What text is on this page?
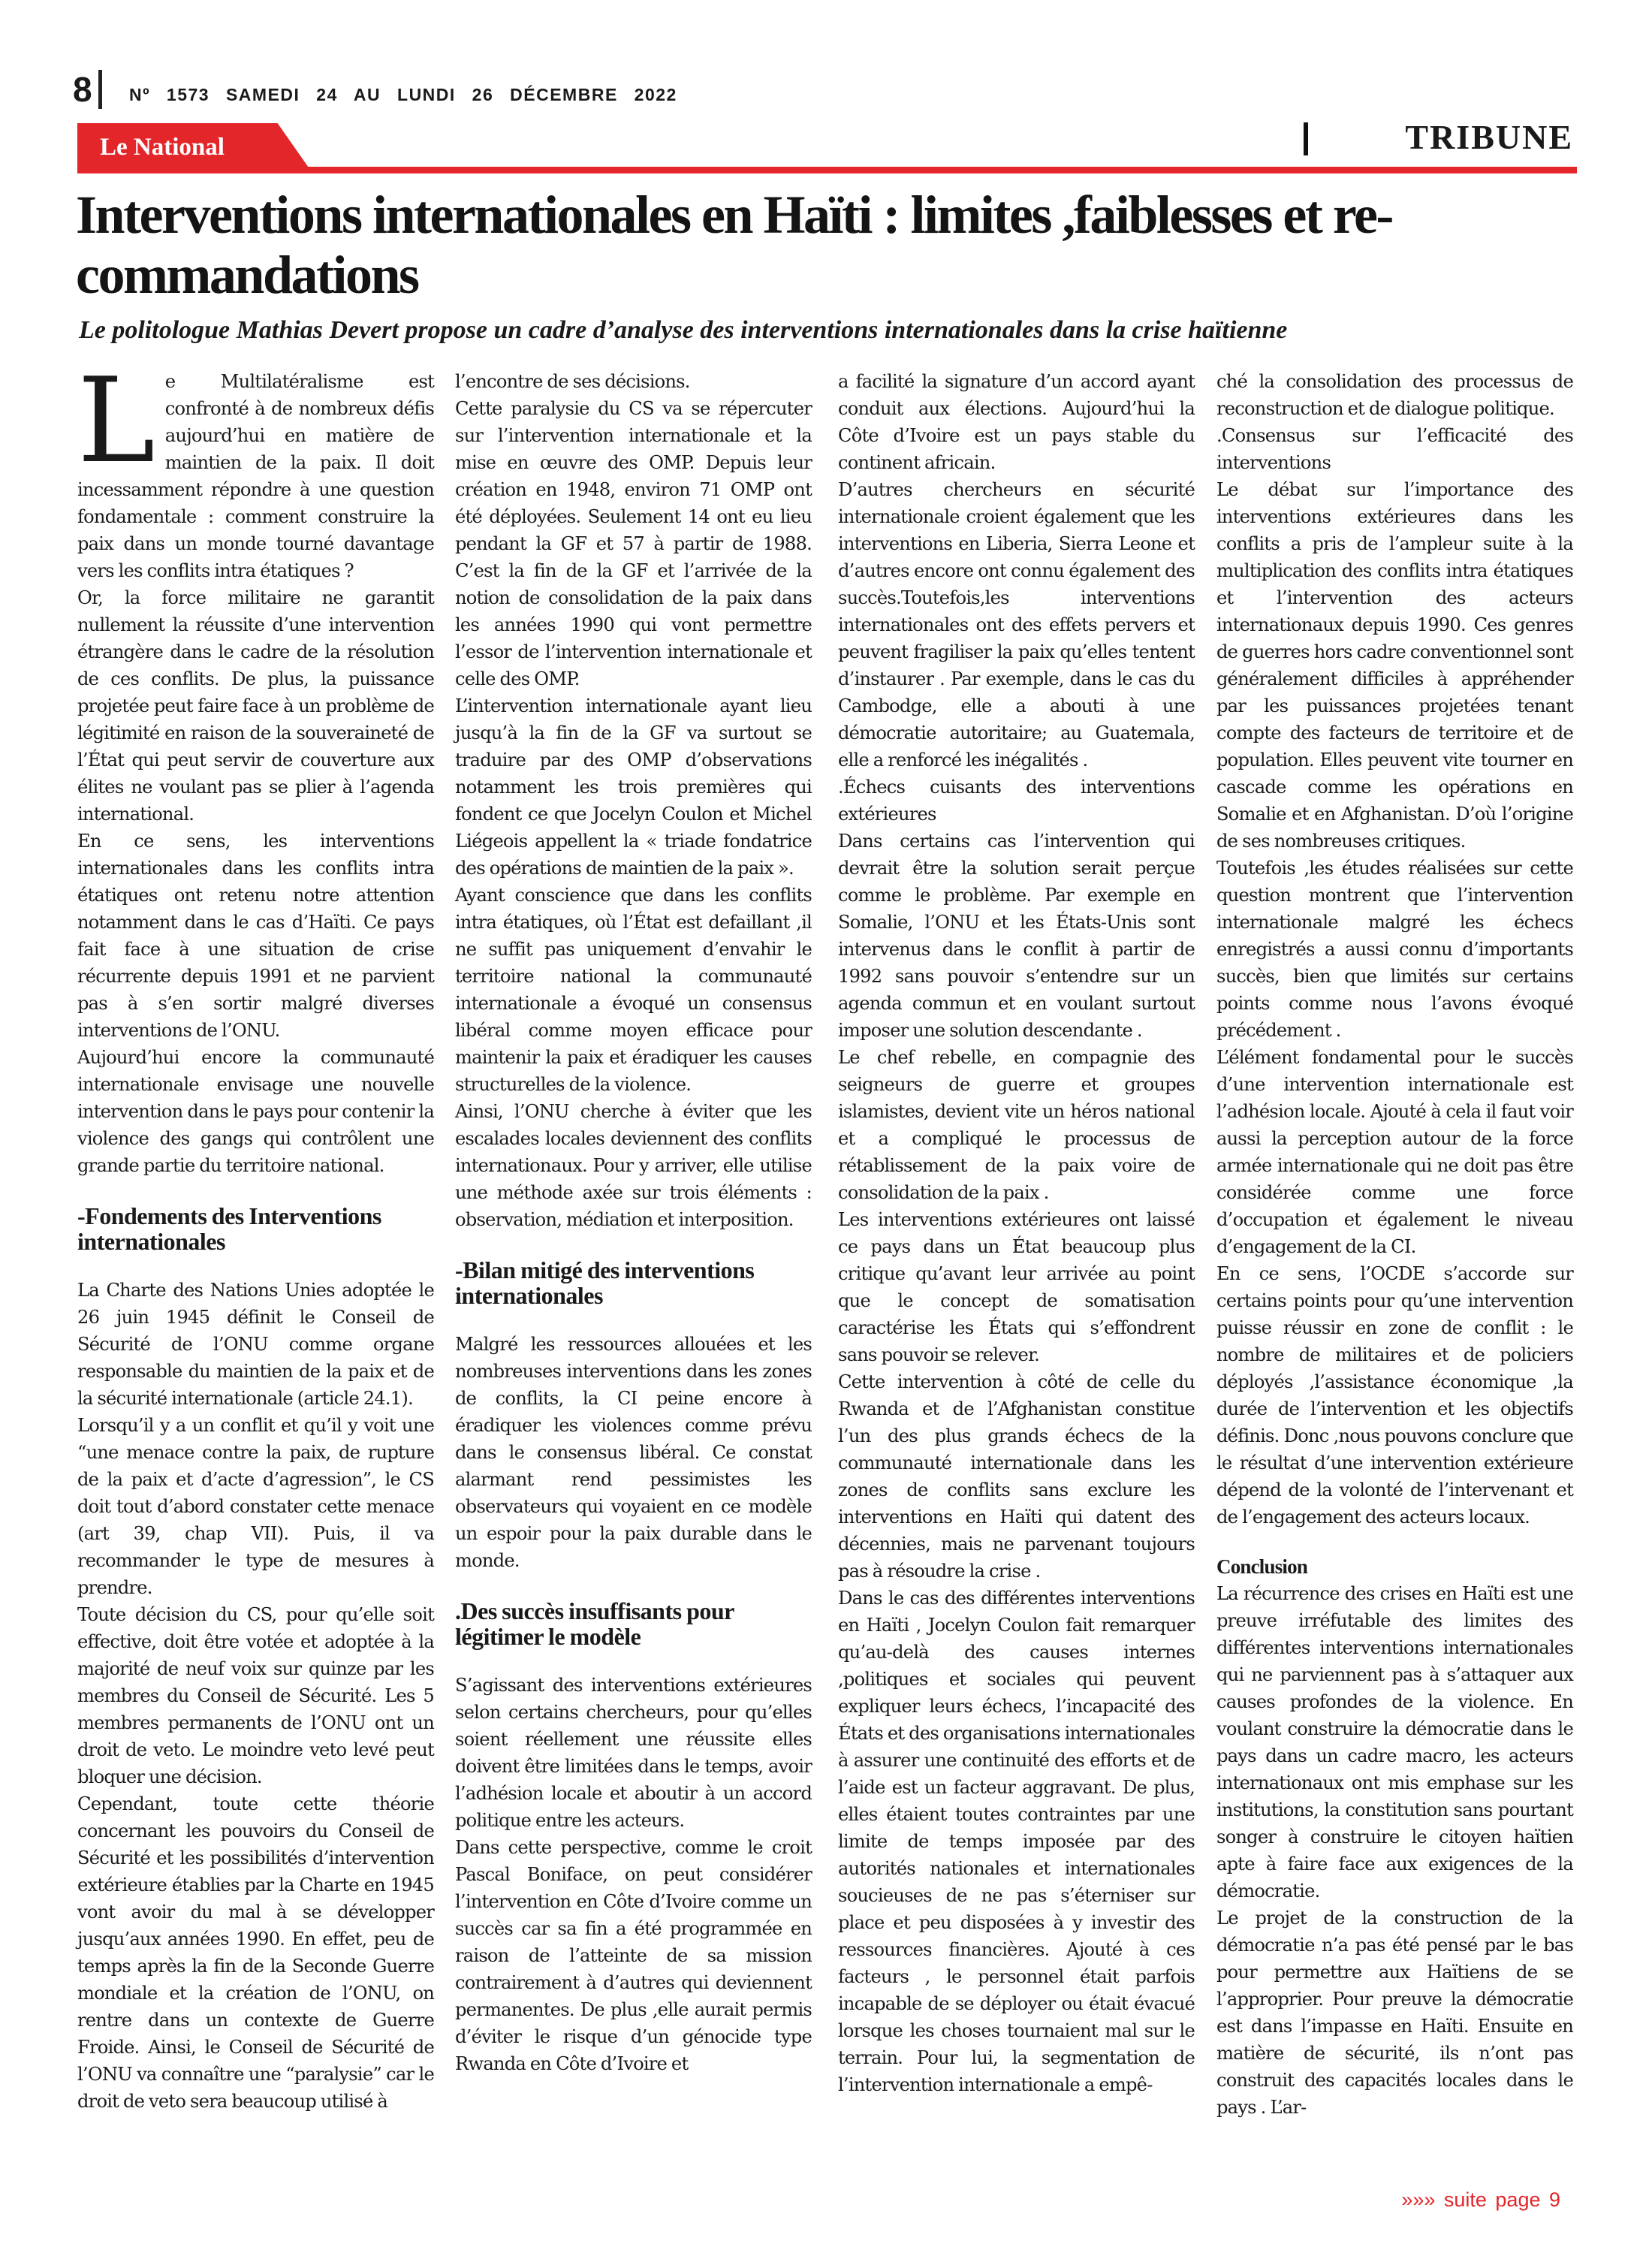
8 Nº 1573 SAMEDI 24 AU LUNDI 26 DÉCEMBRE 2022
Le National	TRIBUNE
Interventions internationales en Haïti : limites ,faiblesses et re-commandations

Le politologue Mathias Devert propose un cadre d’analyse des interventions internationales dans la crise haïtienne

L e Multilatéralisme est confronté à de nombreux défis aujourd’hui en matière de maintien de la paix. Il doit incessamment répondre à une question fondamentale : comment construire la paix dans un monde tourné davantage vers les conflits intra étatiques ?

Or, la force militaire ne garantit nullement la réussite d’une intervention étrangère dans le cadre de la résolution de ces conflits. De plus, la puissance projetée peut faire face à un problème de légitimité en raison de la souveraineté de l’État qui peut servir de couverture aux élites ne voulant pas se plier à l’agenda international.

En ce sens, les interventions internationales dans les conflits intra étatiques ont retenu notre attention notamment dans le cas d’Haïti. Ce pays fait face à une situation de crise récurrente depuis 1991 et ne parvient pas à s’en sortir malgré diverses interventions de l’ONU.

Aujourd’hui encore la communauté internationale envisage une nouvelle intervention dans le pays pour contenir la violence des gangs qui contrôlent une grande partie du territoire national.

-Fondements des Interventions internationales

La Charte des Nations Unies adoptée le 26 juin 1945 définit le Conseil de Sécurité de l’ONU comme organe responsable du maintien de la paix et de la sécurité internationale (article 24.1).

Lorsqu’il y a un conflit et qu’il y voit une “une menace contre la paix, de rupture de la paix et d’acte d’agression”, le CS doit tout d’abord constater cette menace (art 39, chap VII). Puis, il va recommander le type de mesures à prendre.

Toute décision du CS, pour qu’elle soit effective, doit être votée et adoptée à la majorité de neuf voix sur quinze par les membres du Conseil de Sécurité. Les 5 membres permanents de l’ONU ont un droit de veto. Le moindre veto levé peut bloquer une décision.

Cependant, toute cette théorie concernant les pouvoirs du Conseil de Sécurité et les possibilités d’intervention extérieure établies par la Charte en 1945 vont avoir du mal à se développer jusqu’aux années 1990. En effet, peu de temps après la fin de la Seconde Guerre mondiale et la création de l’ONU, on rentre dans un contexte de Guerre Froide. Ainsi, le Conseil de Sécurité de l’ONU va connaître une “paralysie” car le droit de veto sera beaucoup utilisé à

l’encontre de ses décisions.

Cette paralysie du CS va se répercuter sur l’intervention internationale et la mise en œuvre des OMP. Depuis leur création en 1948, environ 71 OMP ont été déployées. Seulement 14 ont eu lieu pendant la GF et 57 à partir de 1988. C’est la fin de la GF et l’arrivée de la notion de consolidation de la paix dans les années 1990 qui vont permettre l’essor de l’intervention internationale et celle des OMP.

L’intervention internationale ayant lieu jusqu’à la fin de la GF va surtout se traduire par des OMP d’observations notamment les trois premières qui fondent ce que Jocelyn Coulon et Michel Liégeois appellent la « triade fondatrice des opérations de maintien de la paix ».

Ayant conscience que dans les conflits intra étatiques, où l’État est defaillant ,il ne suffit pas uniquement d’envahir le territoire national la communauté internationale a évoqué un consensus libéral comme moyen efficace pour maintenir la paix et éradiquer les causes structurelles de la violence.

Ainsi, l’ONU cherche à éviter que les escalades locales deviennent des conflits internationaux. Pour y arriver, elle utilise une méthode axée sur trois éléments : observation, médiation et interposition.

-Bilan mitigé des interventions internationales

Malgré les ressources allouées et les nombreuses interventions dans les zones de conflits, la CI peine encore à éradiquer les violences comme prévu dans le consensus libéral. Ce constat alarmant rend pessimistes les observateurs qui voyaient en ce modèle un espoir pour la paix durable dans le monde.

.Des succès insuffisants pour légitimer le modèle

S’agissant des interventions extérieures selon certains chercheurs, pour qu’elles soient réellement une réussite elles doivent être limitées dans le temps, avoir l’adhésion locale et aboutir à un accord politique entre les acteurs.

Dans cette perspective, comme le croit Pascal Boniface, on peut considérer l’intervention en Côte d’Ivoire comme un succès car sa fin a été programmée en raison de l’atteinte de sa mission contrairement à d’autres qui deviennent permanentes. De plus ,elle aurait permis d’éviter le risque d’un génocide type Rwanda en Côte d’Ivoire et

a facilité la signature d’un accord ayant conduit aux élections. Aujourd’hui la Côte d’Ivoire est un pays stable du continent africain.

D’autres chercheurs en sécurité internationale croient également que les interventions en Liberia, Sierra Leone et d’autres encore ont connu également des succès.Toutefois,les interventions internationales ont des effets pervers et peuvent fragiliser la paix qu’elles tentent d’instaurer . Par exemple, dans le cas du Cambodge, elle a abouti à une démocratie autoritaire; au Guatemala, elle a renforcé les inégalités .

.Échecs cuisants des interventions extérieures

Dans certains cas l’intervention qui devrait être la solution serait perçue comme le problème. Par exemple en Somalie, l’ONU et les États-Unis sont intervenus dans le conflit à partir de 1992 sans pouvoir s’entendre sur un agenda commun et en voulant surtout imposer une solution descendante .

Le chef rebelle, en compagnie des seigneurs de guerre et groupes islamistes, devient vite un héros national et a compliqué le processus de rétablissement de la paix voire de consolidation de la paix .

Les interventions extérieures ont laissé ce pays dans un État beaucoup plus critique qu’avant leur arrivée au point que le concept de somatisation caractérise les États qui s’effondrent sans pouvoir se relever.

Cette intervention à côté de celle du Rwanda et de l’Afghanistan constitue l’un des plus grands échecs de la communauté internationale dans les zones de conflits sans exclure les interventions en Haïti qui datent des décennies, mais ne parvenant toujours pas à résoudre la crise .

Dans le cas des différentes interventions en Haïti , Jocelyn Coulon fait remarquer qu’au-delà des causes internes ,politiques et sociales qui peuvent expliquer leurs échecs, l’incapacité des États et des organisations internationales à assurer une continuité des efforts et de l’aide est un facteur aggravant. De plus, elles étaient toutes contraintes par une limite de temps imposée par des autorités nationales et internationales soucieuses de ne pas s’éterniser sur place et peu disposées à y investir des ressources financières. Ajouté à ces facteurs , le personnel était parfois incapable de se déployer ou était évacué lorsque les choses tournaient mal sur le terrain. Pour lui, la segmentation de l’intervention internationale a empê-

ché la consolidation des processus de reconstruction et de dialogue politique.

.Consensus sur l’efficacité des interventions

Le débat sur l’importance des interventions extérieures dans les conflits a pris de l’ampleur suite à la multiplication des conflits intra étatiques et l’intervention des acteurs internationaux depuis 1990. Ces genres de guerres hors cadre conventionnel sont généralement difficiles à appréhender par les puissances projetées tenant compte des facteurs de territoire et de population. Elles peuvent vite tourner en cascade comme les opérations en Somalie et en Afghanistan. D’où l’origine de ses nombreuses critiques.

Toutefois ,les études réalisées sur cette question montrent que l’intervention internationale malgré les échecs enregistrés a aussi connu d’importants succès, bien que limités sur certains points comme nous l’avons évoqué précédement .

L’élément fondamental pour le succès d’une intervention internationale est l’adhésion locale. Ajouté à cela il faut voir aussi la perception autour de la force armée internationale qui ne doit pas être considérée comme une force d’occupation et également le niveau d’engagement de la CI.

En ce sens, l’OCDE s’accorde sur certains points pour qu’une intervention puisse réussir en zone de conflit : le nombre de militaires et de policiers déployés ,l’assistance économique ,la durée de l’intervention et les objectifs définis. Donc ,nous pouvons conclure que le résultat d’une intervention extérieure dépend de la volonté de l’intervenant et de l’engagement des acteurs locaux.

Conclusion

La récurrence des crises en Haïti est une preuve irréfutable des limites des différentes interventions internationales qui ne parviennent pas à s’attaquer aux causes profondes de la violence. En voulant construire la démocratie dans le pays dans un cadre macro, les acteurs internationaux ont mis emphase sur les institutions, la constitution sans pourtant songer à construire le citoyen haïtien apte à faire face aux exigences de la démocratie.

Le projet de la construction de la démocratie n’a pas été pensé par le bas pour permettre aux Haïtiens de se l’approprier. Pour preuve la démocratie est dans l’impasse en Haïti. Ensuite en matière de sécurité, ils n’ont pas construit des capacités locales dans le pays . L’ar-

»»» suite page 9
